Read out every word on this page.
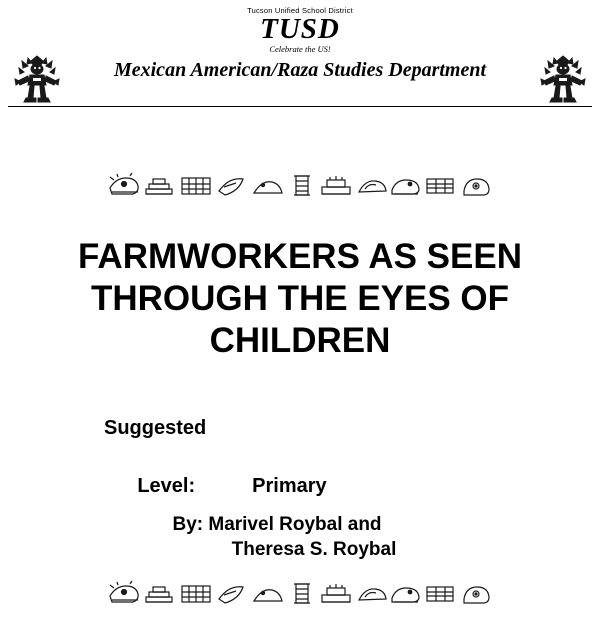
Tucson Unified School District
TUSD
Celebrate the US!
Mexican American/Raza Studies Department
FARMWORKERS AS SEEN
THROUGH THE EYES OF
CHILDREN
Suggested

Level:	Primary

By: Marivel Roybal and
Theresa S. Roybal
